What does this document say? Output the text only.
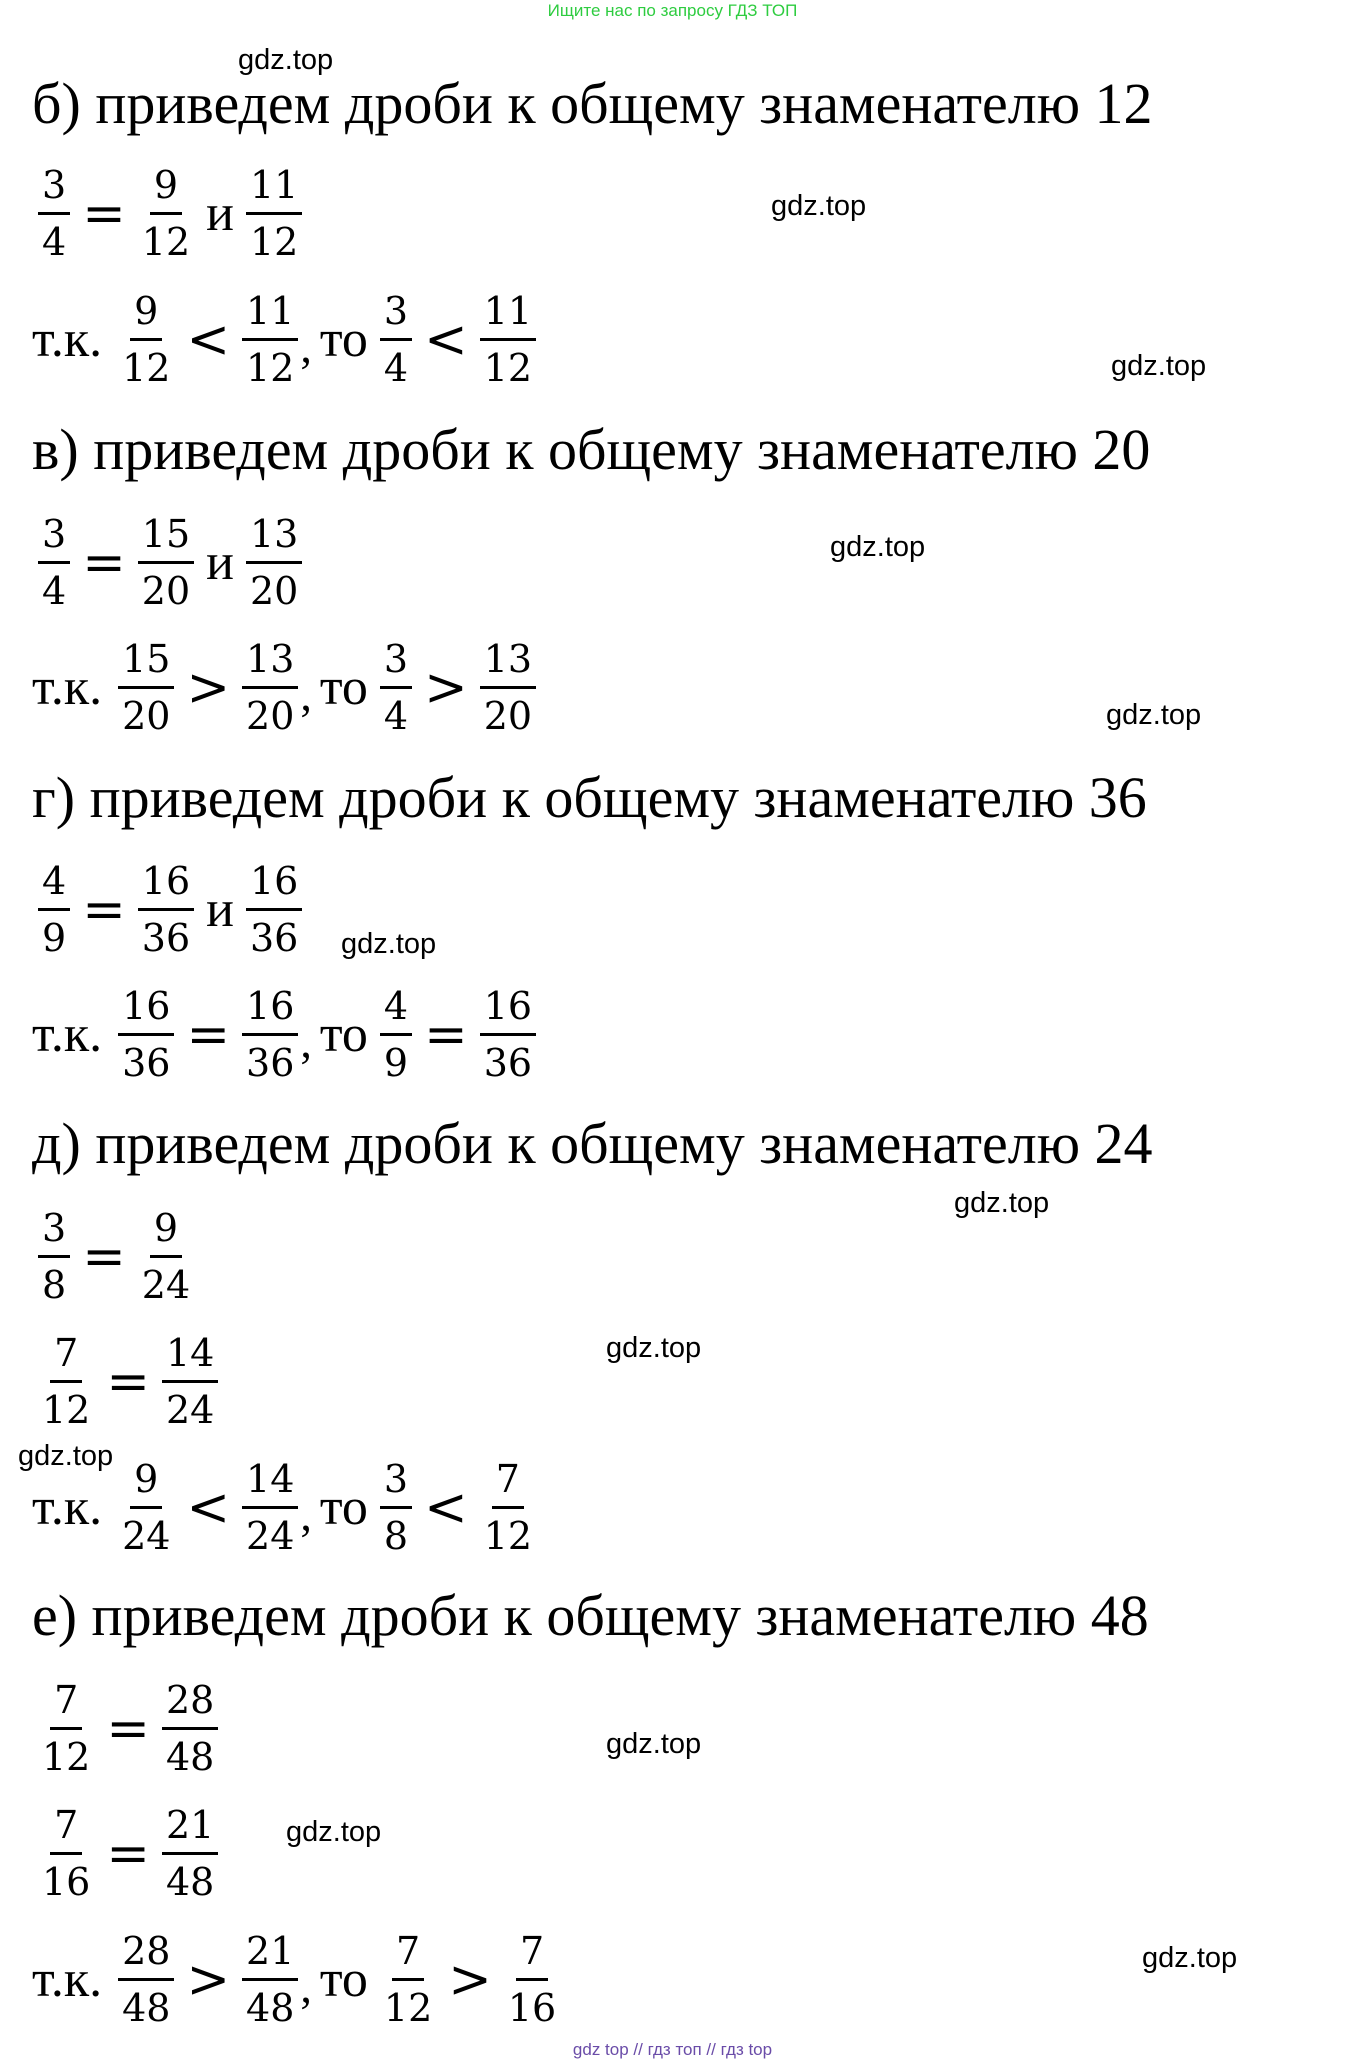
Ищите нас по запросу ГДЗ ТОП
gdz.top
gdz.top
gdz.top
gdz.top
gdz.top
gdz.top
gdz.top
gdz.top
gdz.top
gdz.top
gdz.top
gdz.top
б) приведем дроби к общему знаменателю 12
$\frac{3}{4} = \frac{9}{12}$ и $\frac{11}{12}$
т.к. $\frac{9}{12} < \frac{11}{12}$ , то $\frac{3}{4} < \frac{11}{12}$
в) приведем дроби к общему знаменателю 20
$\frac{3}{4} = \frac{15}{20}$ и $\frac{13}{20}$
т.к. $\frac{15}{20} > \frac{13}{20}$ , то $\frac{3}{4} > \frac{13}{20}$
г) приведем дроби к общему знаменателю 36
$\frac{4}{9} = \frac{16}{36}$ и $\frac{16}{36}$
т.к. $\frac{16}{36} = \frac{16}{36}$ , то $\frac{4}{9} = \frac{16}{36}$
д) приведем дроби к общему знаменателю 24
$\frac{3}{8} = \frac{9}{24}$
$\frac{7}{12} = \frac{14}{24}$
т.к. $\frac{9}{24} < \frac{14}{24}$ , то $\frac{3}{8} < \frac{7}{12}$
е) приведем дроби к общему знаменателю 48
$\frac{7}{12} = \frac{28}{48}$
$\frac{7}{16} = \frac{21}{48}$
т.к. $\frac{28}{48} > \frac{21}{48}$ , то $\frac{7}{12} > \frac{7}{16}$
gdz top // гдз топ // гдз top
